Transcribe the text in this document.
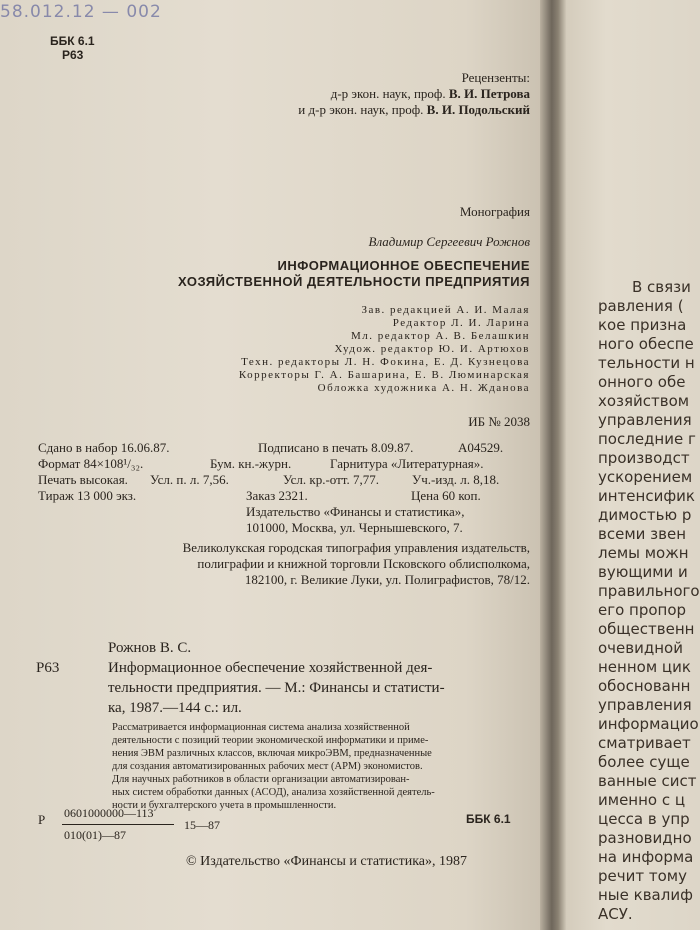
58.012.12 — 002
ББК 6.1
Р63
Рецензенты:
д-р экон. наук, проф. В. И. Петрова
и д-р экон. наук, проф. В. И. Подольский
Монография
Владимир Сергеевич Рожнов
ИНФОРМАЦИОННОЕ ОБЕСПЕЧЕНИЕ
ХОЗЯЙСТВЕННОЙ ДЕЯТЕЛЬНОСТИ ПРЕДПРИЯТИЯ
Зав. редакцией А. И. Малая
Редактор Л. И. Ларина
Мл. редактор А. В. Белашкин
Худож. редактор Ю. И. Артюхов
Техн. редакторы Л. Н. Фокина, Е. Д. Кузнецова
Корректоры Г. А. Башарина, Е. В. Люминарская
Обложка художника А. Н. Жданова
ИБ № 2038
Сдано в набор 16.06.87.	Подписано в печать 8.09.87.	А04529.
Формат 84×108¹/₃₂.	Бум. кн.-журн.	Гарнитура «Литературная».
Печать высокая. Усл. п. л. 7,56.	Усл. кр.-отт. 7,77.	Уч.-изд. л. 8,18.
Тираж 13 000 экз.	Заказ 2321.	Цена 60 коп.
Издательство «Финансы и статистика»,
101000, Москва, ул. Чернышевского, 7.
Великолукская городская типография управления издательств,
полиграфии и книжной торговли Псковского облисполкома,
182100, г. Великие Луки, ул. Полиграфистов, 78/12.
Рожнов В. С.
Р63	Информационное обеспечение хозяйственной дея-
тельности предприятия. — М.: Финансы и статисти-
ка, 1987.—144 с.: ил.
Рассматривается информационная система анализа хозяйственной
деятельности с позиций теории экономической информатики и приме-
нения ЭВМ различных классов, включая микроЭВМ, предназначенные
для создания автоматизированных рабочих мест (АРМ) экономистов.
Для научных работников в области организации автоматизирован-
ных систем обработки данных (АСОД), анализа хозяйственной деятель-
ности и бухгалтерского учета в промышленности.
Р 0601000000—113
010(01)—87
15—87	ББК 6.1
© Издательство «Финансы и статистика», 1987
В связи
равления (
кое призна
ного обеспе
тельности н
онного обе
хозяйством
управления
последние г
производст
ускорением
интенсифик
димостью р
всеми звен
лемы можн
вующими и
правильного
его пропор
общественн
очевидной
ненном цик
обоснованн
управления
информацио
сматривает
более суще
ванные сист
именно с ц
цесса в упр
разновидно
на информа
речит тому
ные квалиф
АСУ.
